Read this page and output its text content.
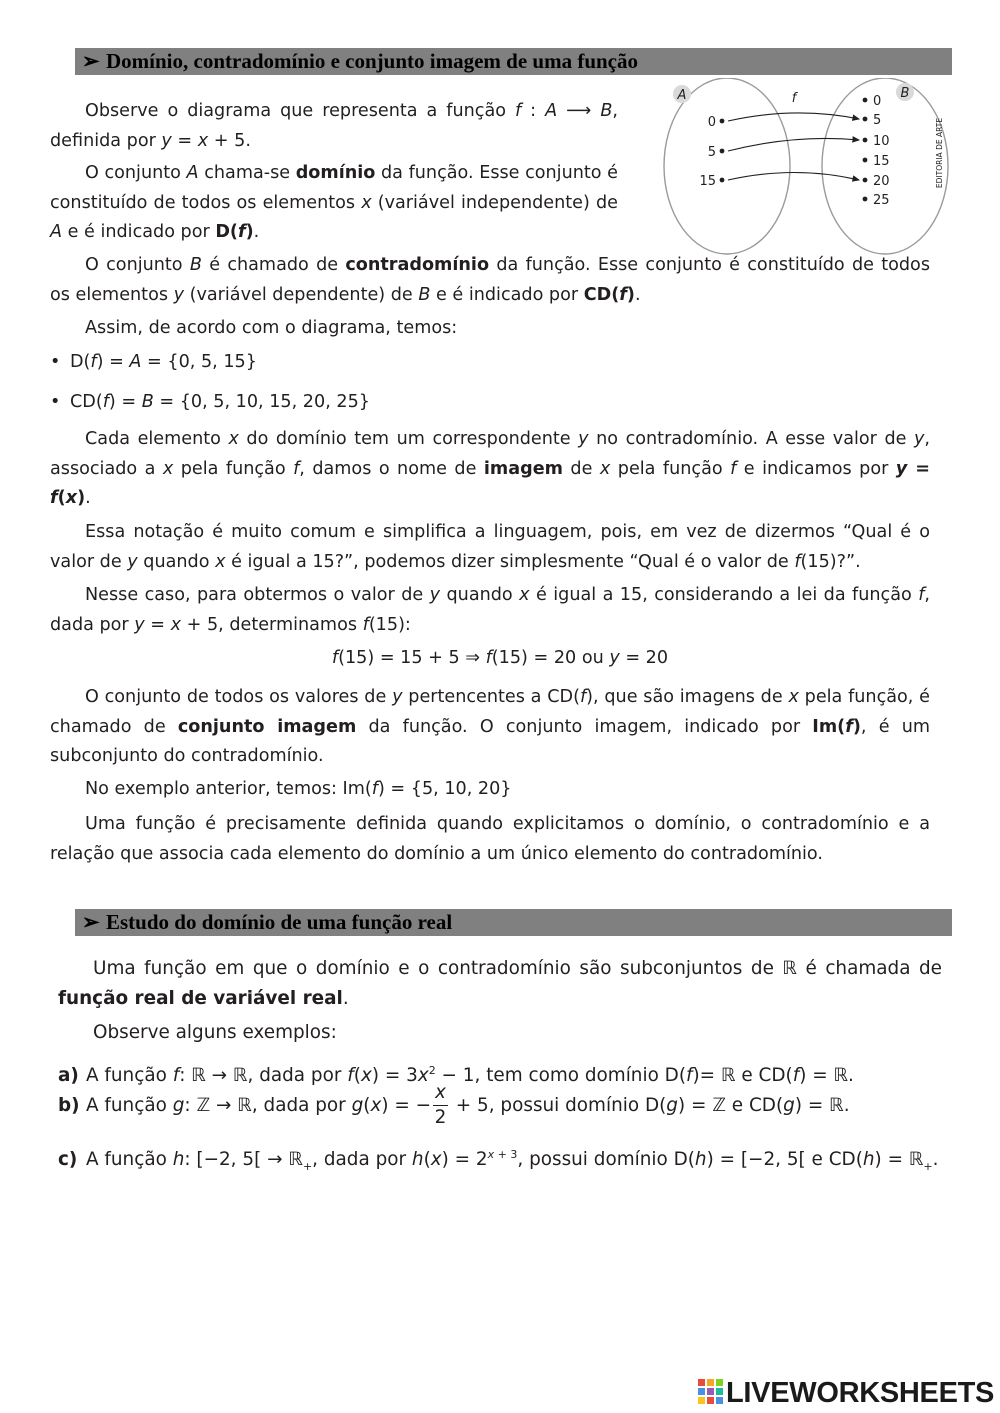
➢ Domínio, contradomínio e conjunto imagem de uma função

Observe o diagrama que representa a função f : A ⟶ B, definida por y = x + 5.

O conjunto A chama-se domínio da função. Esse conjunto é constituído de todos os elementos x (variável independente) de A e é indicado por D(f).

A	B
f
0
5
15
0
5
10
15
20
25
EDITORIA DE ARTE

O conjunto B é chamado de contradomínio da função. Esse conjunto é constituído de todos os elementos y (variável dependente) de B e é indicado por CD(f).

Assim, de acordo com o diagrama, temos:

• D(f) = A = {0, 5, 15}

• CD(f) = B = {0, 5, 10, 15, 20, 25}

Cada elemento x do domínio tem um correspondente y no contradomínio. A esse valor de y, associado a x pela função f, damos o nome de imagem de x pela função f e indicamos por y = f(x).

Essa notação é muito comum e simplifica a linguagem, pois, em vez de dizermos “Qual é o valor de y quando x é igual a 15?”, podemos dizer simplesmente “Qual é o valor de f(15)?”.

Nesse caso, para obtermos o valor de y quando x é igual a 15, considerando a lei da função f, dada por y = x + 5, determinamos f(15):

f(15) = 15 + 5 ⇒ f(15) = 20 ou y = 20

O conjunto de todos os valores de y pertencentes a CD(f), que são imagens de x pela função, é chamado de conjunto imagem da função. O conjunto imagem, indicado por Im(f), é um subconjunto do contradomínio.

No exemplo anterior, temos: Im(f) = {5, 10, 20}

Uma função é precisamente definida quando explicitamos o domínio, o contradomínio e a relação que associa cada elemento do domínio a um único elemento do contradomínio.

➢ Estudo do domínio de uma função real

Uma função em que o domínio e o contradomínio são subconjuntos de ℝ é chamada de função real de variável real.

Observe alguns exemplos:

a) A função f: ℝ → ℝ, dada por $f(x) = 3x^2 - 1$, tem como domínio D(f)= ℝ e CD(f) = ℝ.

b) A função g: ℤ → ℝ, dada por g(x) = − $\frac{x}{2} + 5$, possui domínio D(g) = ℤ e CD(g) = ℝ.

c) A função h: [−2, 5[ → ℝ$_+$, dada por $h(x) = 2^{x + 3}$, possui domínio D(h) = [−2, 5[ e CD(h) = ℝ$_+$.

LIVEWORKSHEETS
